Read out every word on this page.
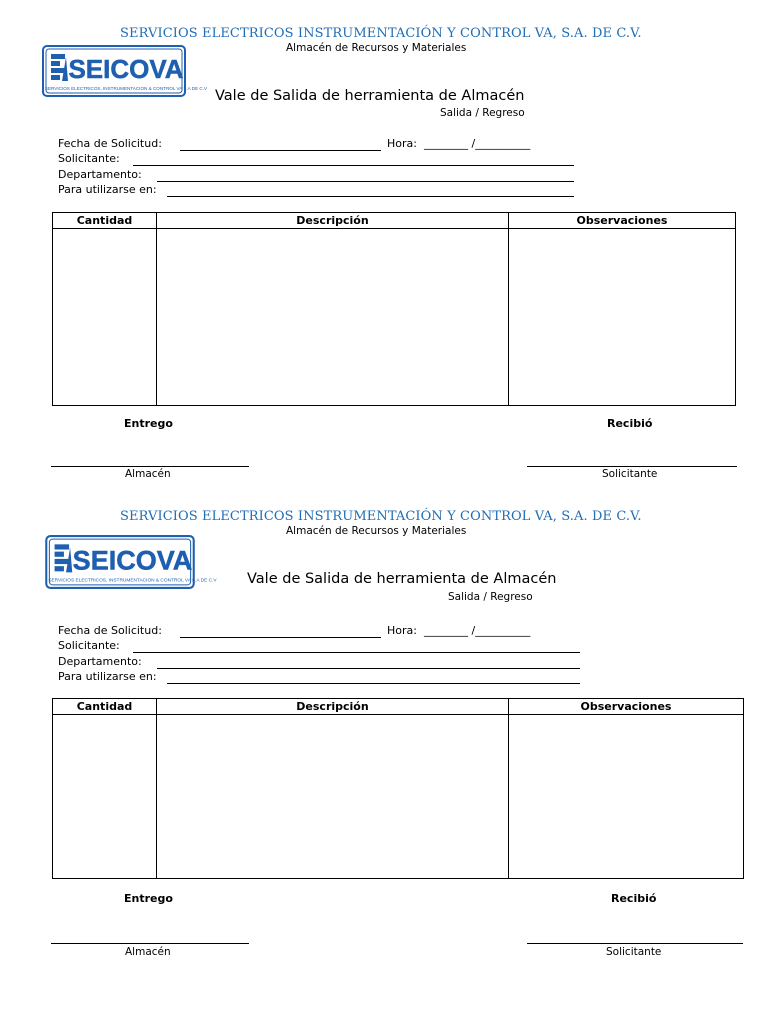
SERVICIOS ELECTRICOS INSTRUMENTACIÓN Y CONTROL VA, S.A. DE C.V.
Almacén de Recursos y Materiales
SEICOVA
SERVICIOS ELECTRICOS, INSTRUMENTACION & CONTROL VA S.A DE C.V Vale de Salida de herramienta de Almacén
Salida / Regreso
Fecha de Solicitud:	Hora: ________ /__________
Solicitante:
Departamento:
Para utilizarse en:
Cantidad	Descripción	Observaciones

Entrego	Recibió
Almacén	Solicitante
SERVICIOS ELECTRICOS INSTRUMENTACIÓN Y CONTROL VA, S.A. DE C.V.
Almacén de Recursos y Materiales
SEICOVA
SERVICIOS ELECTRICOS, INSTRUMENTACION & CONTROL VA S.A DE C.V Vale de Salida de herramienta de Almacén
Salida / Regreso
Fecha de Solicitud:	Hora: ________ /__________
Solicitante:
Departamento:
Para utilizarse en:
Cantidad	Descripción	Observaciones

Entrego	Recibió
Almacén	Solicitante
